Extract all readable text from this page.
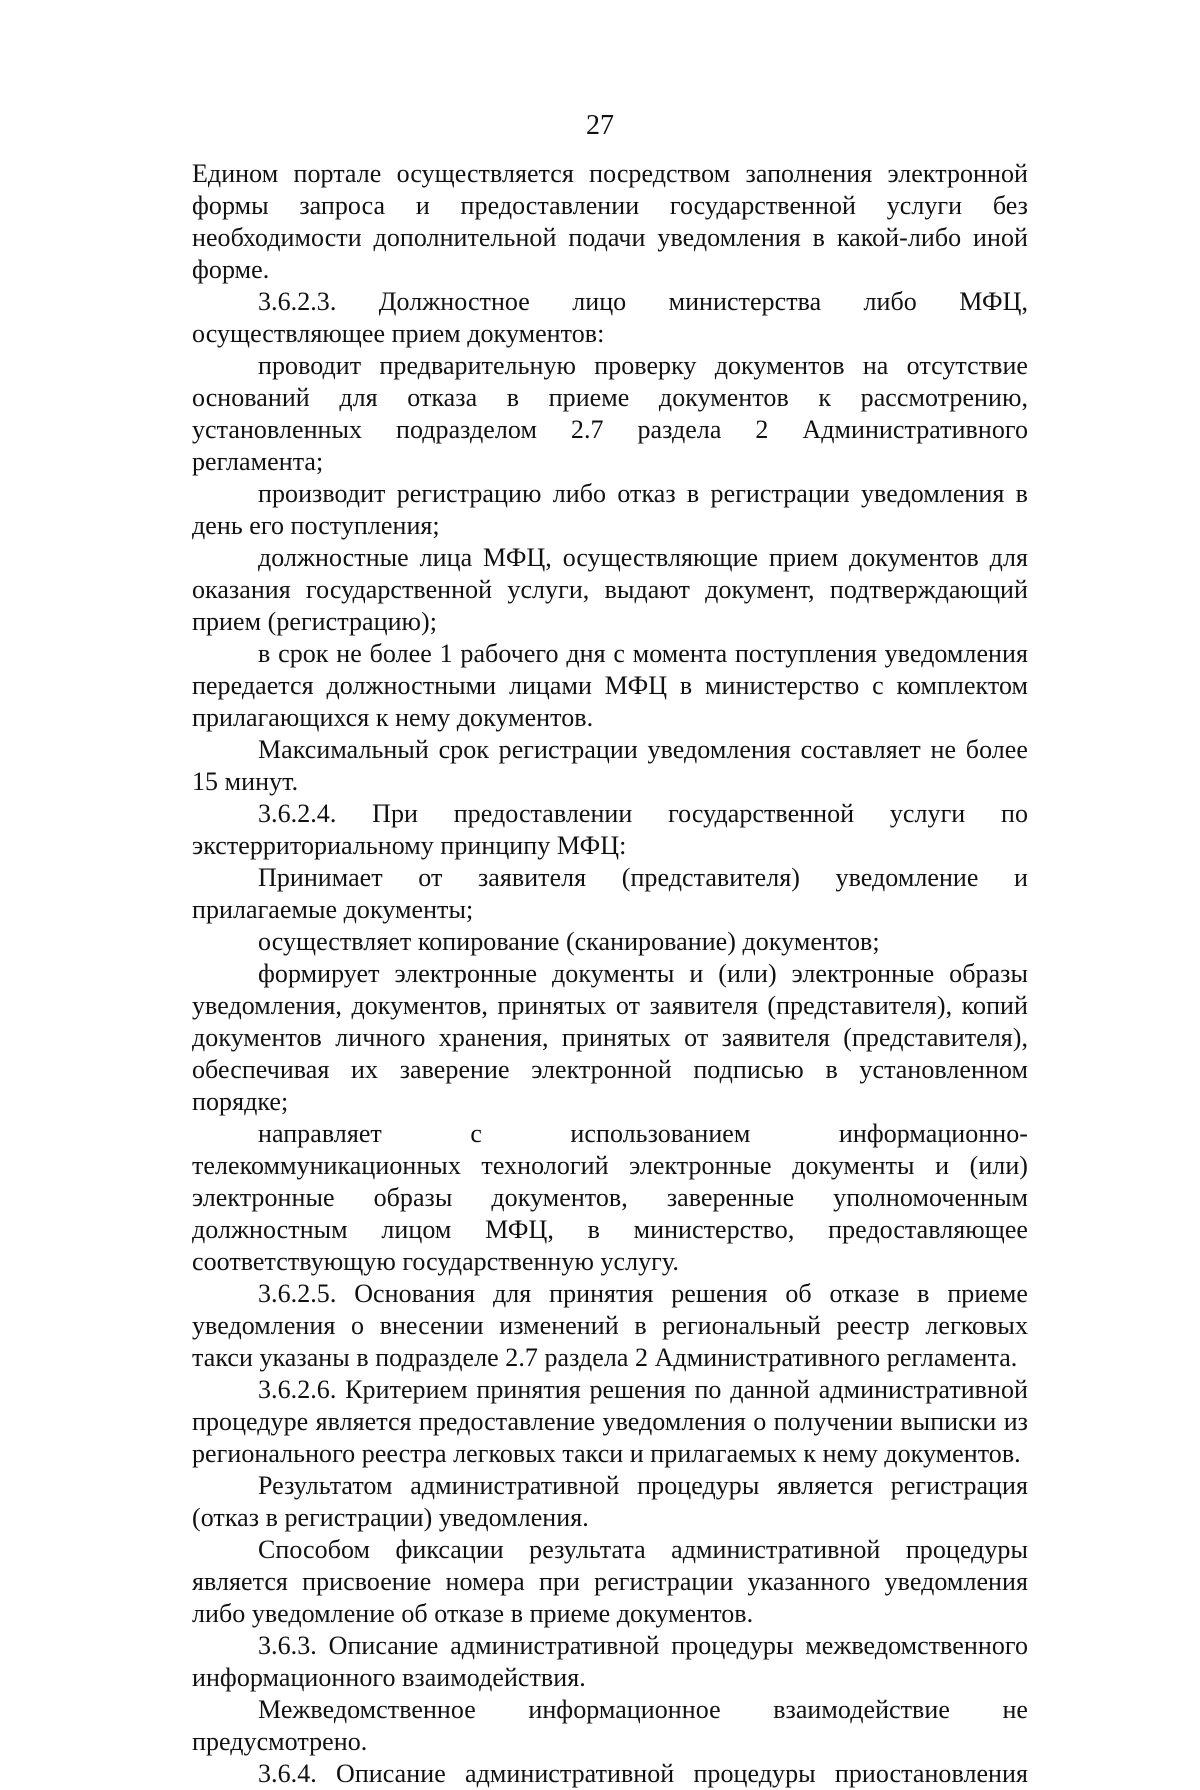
27

Едином портале осуществляется посредством заполнения электронной формы запроса и предоставлении государственной услуги без необходимости дополнительной подачи уведомления в какой-либо иной форме.

3.6.2.3. Должностное лицо министерства либо МФЦ, осуществляющее прием документов:

проводит предварительную проверку документов на отсутствие оснований для отказа в приеме документов к рассмотрению, установленных подразделом 2.7 раздела 2 Административного регламента;

производит регистрацию либо отказ в регистрации уведомления в день его поступления;

должностные лица МФЦ, осуществляющие прием документов для оказания государственной услуги, выдают документ, подтверждающий прием (регистрацию);

в срок не более 1 рабочего дня с момента поступления уведомления передается должностными лицами МФЦ в министерство с комплектом прилагающихся к нему документов.

Максимальный срок регистрации уведомления составляет не более 15 минут.

3.6.2.4. При предоставлении государственной услуги по экстерриториальному принципу МФЦ:

Принимает от заявителя (представителя) уведомление и прилагаемые документы;

осуществляет копирование (сканирование) документов;

формирует электронные документы и (или) электронные образы уведомления, документов, принятых от заявителя (представителя), копий документов личного хранения, принятых от заявителя (представителя), обеспечивая их заверение электронной подписью в установленном порядке;

направляет с использованием информационно-телекоммуникационных технологий электронные документы и (или) электронные образы документов, заверенные уполномоченным должностным лицом МФЦ, в министерство, предоставляющее соответствующую государственную услугу.

3.6.2.5. Основания для принятия решения об отказе в приеме уведомления о внесении изменений в региональный реестр легковых такси указаны в подразделе 2.7 раздела 2 Административного регламента.

3.6.2.6. Критерием принятия решения по данной административной процедуре является предоставление уведомления о получении выписки из регионального реестра легковых такси и прилагаемых к нему документов.

Результатом административной процедуры является регистрация (отказ в регистрации) уведомления.

Способом фиксации результата административной процедуры является присвоение номера при регистрации указанного уведомления либо уведомление об отказе в приеме документов.

3.6.3. Описание административной процедуры межведомственного информационного взаимодействия.

Межведомственное информационное взаимодействие не предусмотрено.

3.6.4. Описание административной процедуры приостановления
